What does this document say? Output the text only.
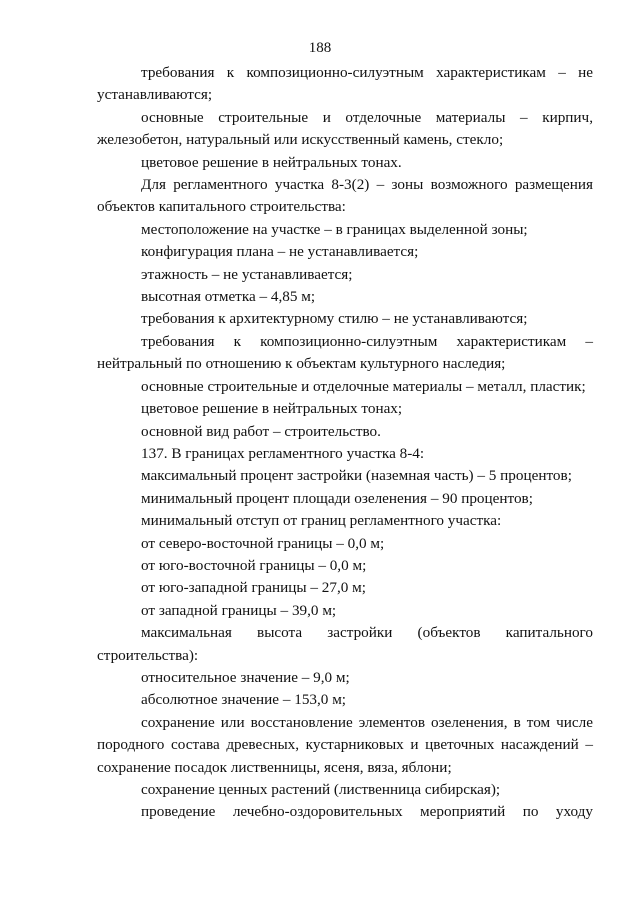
188

требования к композиционно-силуэтным характеристикам – не устанавливаются;

основные строительные и отделочные материалы – кирпич, железобетон, натуральный или искусственный камень, стекло;

цветовое решение в нейтральных тонах.

Для регламентного участка 8-3(2) – зоны возможного размещения объектов капитального строительства:

местоположение на участке – в границах выделенной зоны;

конфигурация плана – не устанавливается;

этажность – не устанавливается;

высотная отметка – 4,85 м;

требования к архитектурному стилю – не устанавливаются;

требования к композиционно-силуэтным характеристикам – нейтральный по отношению к объектам культурного наследия;

основные строительные и отделочные материалы – металл, пластик;

цветовое решение в нейтральных тонах;

основной вид работ – строительство.

137. В границах регламентного участка 8-4:

максимальный процент застройки (наземная часть) – 5 процентов;

минимальный процент площади озеленения – 90 процентов;

минимальный отступ от границ регламентного участка:

от северо-восточной границы – 0,0 м;

от юго-восточной границы – 0,0 м;

от юго-западной границы – 27,0 м;

от западной границы – 39,0 м;

максимальная высота застройки (объектов капитального строительства):

относительное значение – 9,0 м;

абсолютное значение – 153,0 м;

сохранение или восстановление элементов озеленения, в том числе породного состава древесных, кустарниковых и цветочных насаждений – сохранение посадок лиственницы, ясеня, вяза, яблони;

сохранение ценных растений (лиственница сибирская);

проведение лечебно-оздоровительных мероприятий по уходу
